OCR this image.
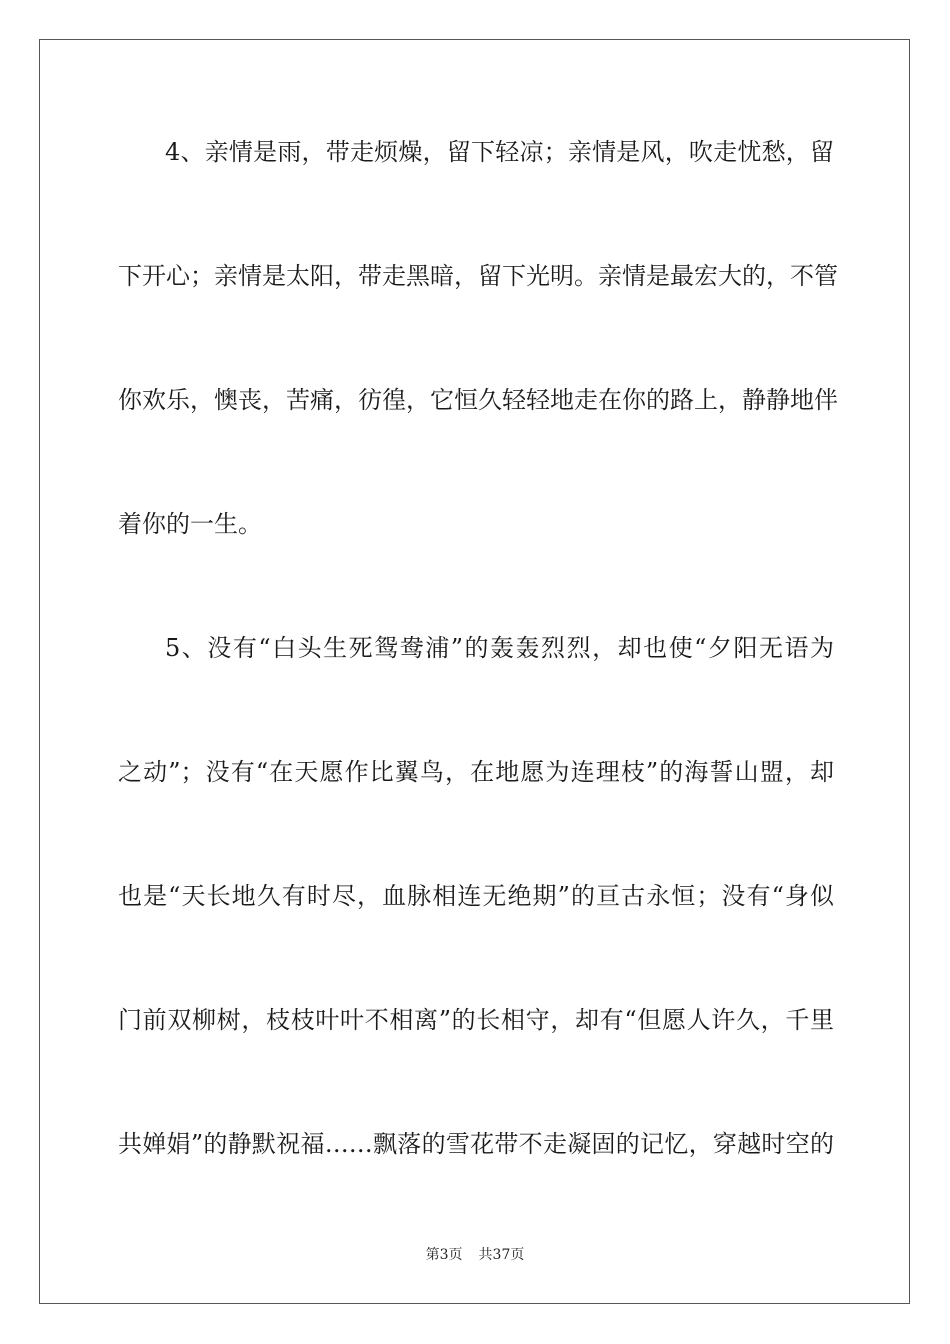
4、亲情是雨，带走烦燥，留下轻凉；亲情是风，吹走忧愁，留
下开心；亲情是太阳，带走黑暗，留下光明。亲情是最宏大的，不管
你欢乐，懊丧，苦痛，彷徨，它恒久轻轻地走在你的路上，静静地伴
着你的一生。
5、没有“白头生死鸳鸯浦”的轰轰烈烈，却也使“夕阳无语为
之动”；没有“在天愿作比翼鸟，在地愿为连理枝”的海誓山盟，却
也是“天长地久有时尽，血脉相连无绝期”的亘古永恒；没有“身似
门前双柳树，枝枝叶叶不相离”的长相守，却有“但愿人许久，千里
共婵娟”的静默祝福……飘落的雪花带不走凝固的记忆，穿越时空的
第3页 共37页
